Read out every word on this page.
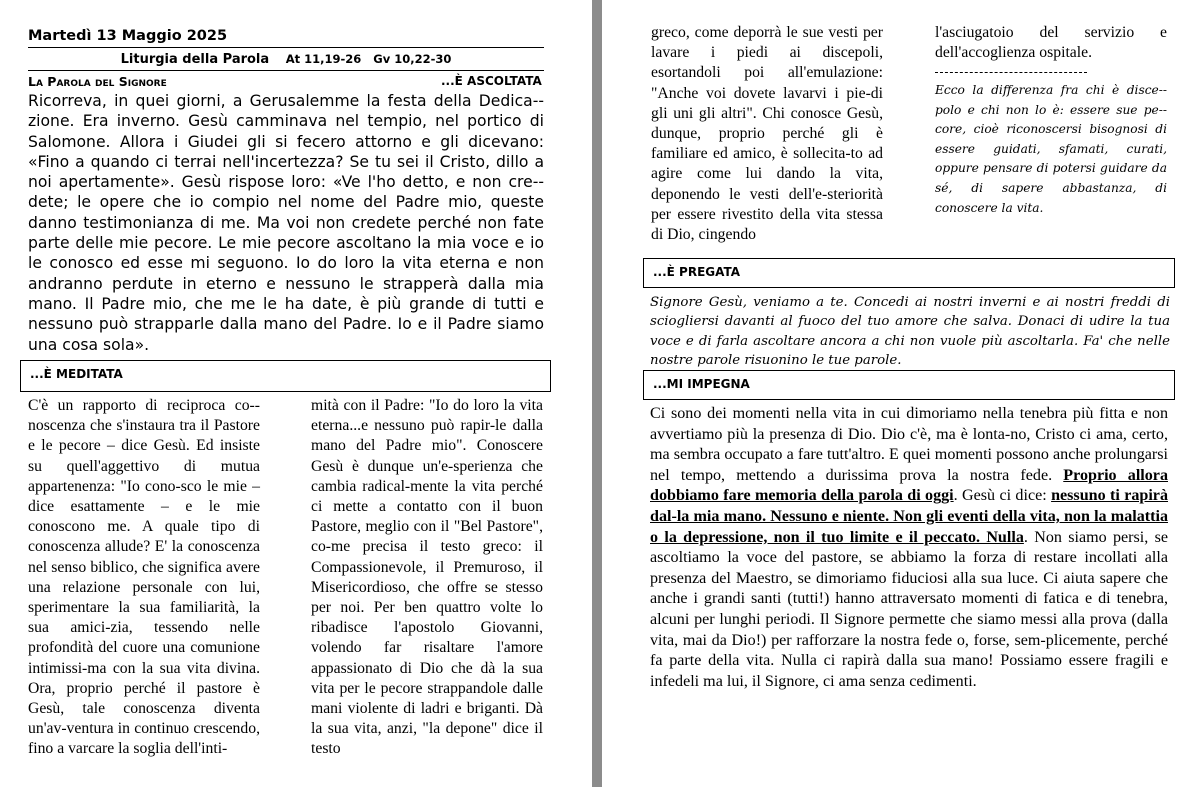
Martedì 13 Maggio 2025
Liturgia della Parola At 11,19-26 Gv 10,22-30
La Parola del Signore	...È ASCOLTATA

Ricorreva, in quei giorni, a Gerusalemme la festa della Dedica-zione. Era inverno. Gesù camminava nel tempio, nel portico di Salomone. Allora i Giudei gli si fecero attorno e gli dicevano: «Fino a quando ci terrai nell'incertezza? Se tu sei il Cristo, dillo a noi apertamente». Gesù rispose loro: «Ve l'ho detto, e non cre-dete; le opere che io compio nel nome del Padre mio, queste danno testimonianza di me. Ma voi non credete perché non fate parte delle mie pecore. Le mie pecore ascoltano la mia voce e io le conosco ed esse mi seguono. Io do loro la vita eterna e non andranno perdute in eterno e nessuno le strapperà dalla mia mano. Il Padre mio, che me le ha date, è più grande di tutti e nessuno può strapparle dalla mano del Padre. Io e il Padre siamo una cosa sola».

...È MEDITATA

C'è un rapporto di reciproca co-noscenza che s'instaura tra il Pastore e le pecore – dice Gesù. Ed insiste su quell'aggettivo di mutua appartenenza: "Io cono-sco le mie – dice esattamente – e le mie conoscono me. A quale tipo di conoscenza allude? E' la conoscenza nel senso biblico, che significa avere una relazione personale con lui, sperimentare la sua familiarità, la sua amici-zia, tessendo nelle profondità del cuore una comunione intimissi-ma con la sua vita divina. Ora, proprio perché il pastore è Gesù, tale conoscenza diventa un'av-ventura in continuo crescendo, fino a varcare la soglia dell'inti-

mità con il Padre: "Io do loro la vita eterna...e nessuno può rapir-le dalla mano del Padre mio". Conoscere Gesù è dunque un'e-sperienza che cambia radical-mente la vita perché ci mette a contatto con il buon Pastore, meglio con il "Bel Pastore", co-me precisa il testo greco: il Compassionevole, il Premuroso, il Misericordioso, che offre se stesso per noi. Per ben quattro volte lo ribadisce l'apostolo Giovanni, volendo far risaltare l'amore appassionato di Dio che dà la sua vita per le pecore strappandole dalle mani violente di ladri e briganti. Dà la sua vita, anzi, "la depone" dice il testo

greco, come deporrà le sue vesti per lavare i piedi ai discepoli, esortandoli poi all'emulazione: "Anche voi dovete lavarvi i pie-di gli uni gli altri". Chi conosce Gesù, dunque, proprio perché gli è familiare ed amico, è sollecita-to ad agire come lui dando la vita, deponendo le vesti dell'e-steriorità per essere rivestito della vita stessa di Dio, cingendo

l'asciugatoio del servizio e dell'accoglienza ospitale.

Ecco la differenza fra chi è disce-polo e chi non lo è: essere sue pe-core, cioè riconoscersi bisognosi di essere guidati, sfamati, curati, oppure pensare di potersi guidare da sé, di sapere abbastanza, di conoscere la vita.

...È PREGATA

Signore Gesù, veniamo a te. Concedi ai nostri inverni e ai nostri freddi di sciogliersi davanti al fuoco del tuo amore che salva. Donaci di udire la tua voce e di farla ascoltare ancora a chi non vuole più ascoltarla. Fa' che nelle nostre parole risuonino le tue parole.

...MI IMPEGNA

Ci sono dei momenti nella vita in cui dimoriamo nella tenebra più fitta e non avvertiamo più la presenza di Dio. Dio c'è, ma è lonta-no, Cristo ci ama, certo, ma sembra occupato a fare tutt'altro. E quei momenti possono anche prolungarsi nel tempo, mettendo a durissima prova la nostra fede. Proprio allora dobbiamo fare memoria della parola di oggi. Gesù ci dice: nessuno ti rapirà dal-la mia mano. Nessuno e niente. Non gli eventi della vita, non la malattia o la depressione, non il tuo limite e il peccato. Nulla. Non siamo persi, se ascoltiamo la voce del pastore, se abbiamo la forza di restare incollati alla presenza del Maestro, se dimoriamo fiduciosi alla sua luce. Ci aiuta sapere che anche i grandi santi (tutti!) hanno attraversato momenti di fatica e di tenebra, alcuni per lunghi periodi. Il Signore permette che siamo messi alla prova (dalla vita, mai da Dio!) per rafforzare la nostra fede o, forse, sem-plicemente, perché fa parte della vita. Nulla ci rapirà dalla sua mano! Possiamo essere fragili e infedeli ma lui, il Signore, ci ama senza cedimenti.
